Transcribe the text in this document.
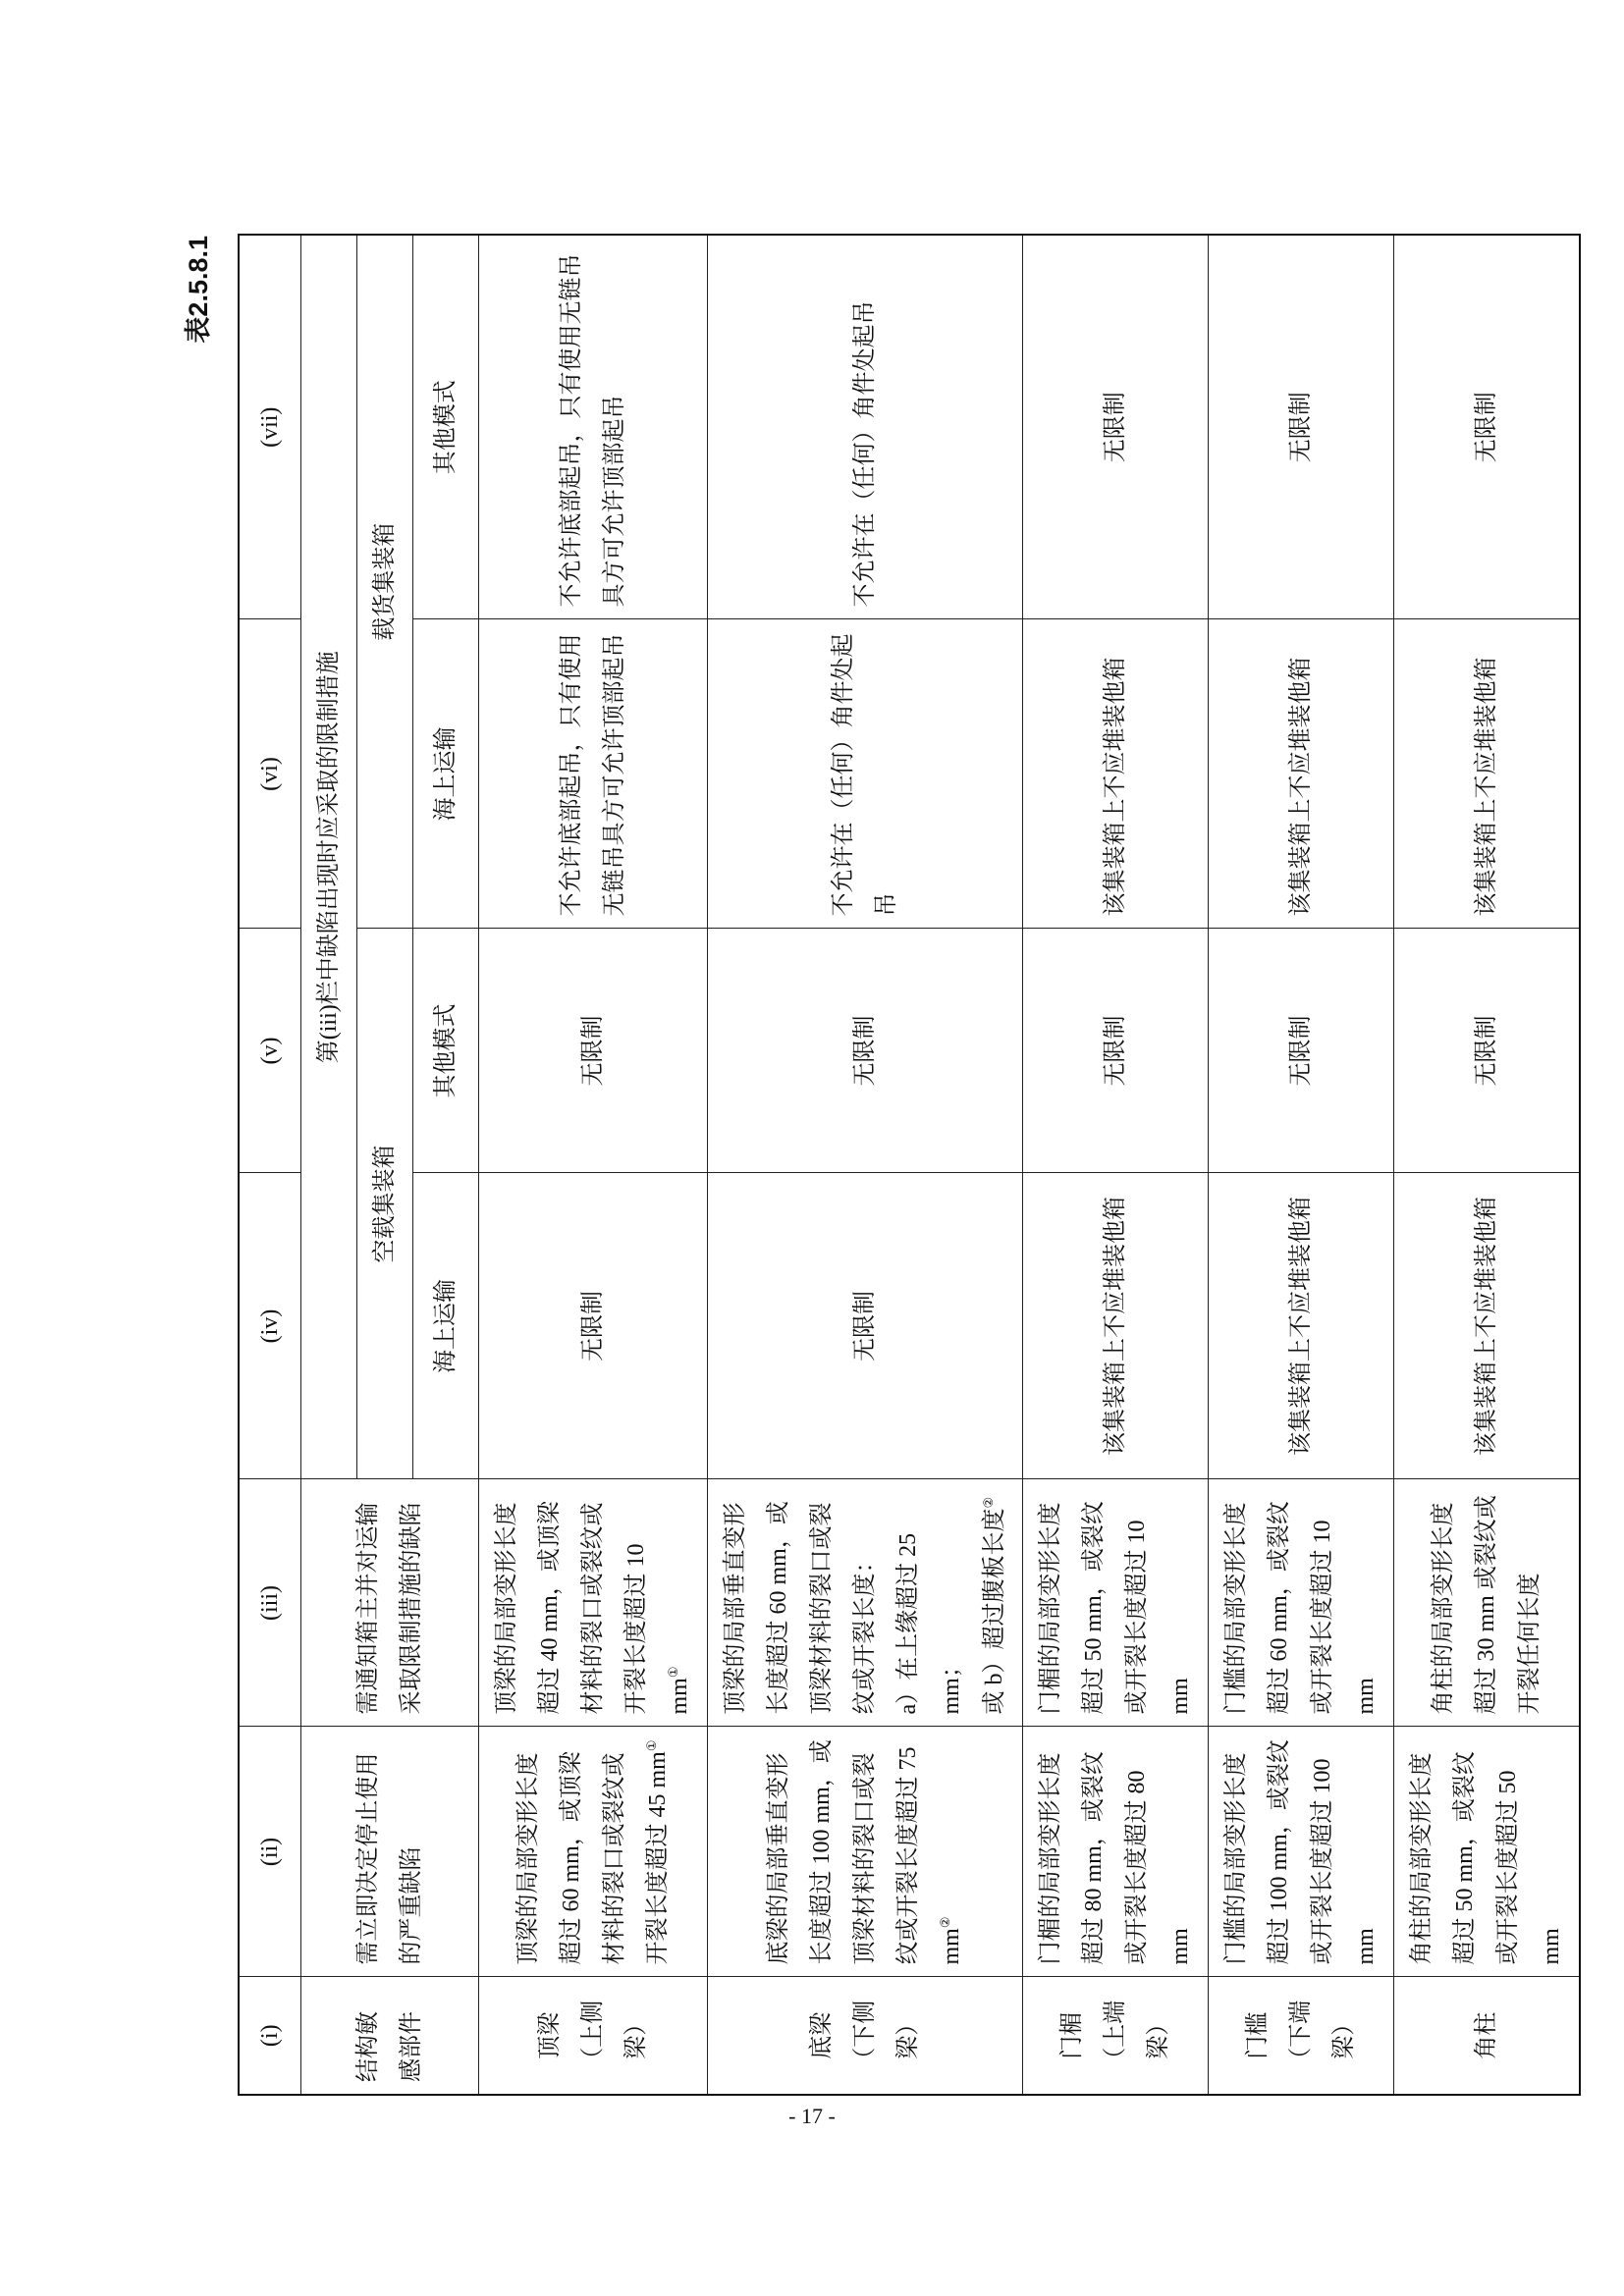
表2.5.8.1
(i)	(ii)	(iii)	(iv)	(v)	(vi)	(vii)
结构敏感部件	需立即决定停止使用的严重缺陷	需通知箱主并对运输采取限制措施的缺陷	第(iii)栏中缺陷出现时应采取的限制措施			
			空载集装箱		载货集装箱	
			海上运输	其他模式	海上运输	其他模式
顶梁（上侧梁）	顶梁的局部变形长度超过 60 mm，或顶梁材料的裂口或裂纹或开裂长度超过 45 mm①	顶梁的局部变形长度超过 40 mm，或顶梁材料的裂口或裂纹或开裂长度超过 10 mm①	无限制	无限制	不允许底部起吊，只有使用无链吊具方可允许顶部起吊	不允许底部起吊，只有使用无链吊具方可允许顶部起吊
底梁（下侧梁）	底梁的局部垂直变形长度超过 100 mm，或顶梁材料的裂口或裂纹或开裂长度超过 75 mm②	顶梁的局部垂直变形长度超过 60 mm，或顶梁材料的裂口或裂纹或开裂长度： a）在上缘超过 25 mm； 或 b）超过腹板长度②	无限制	无限制	不允许在（任何）角件处起吊	不允许在（任何）角件处起吊
门楣（上端梁）	门楣的局部变形长度超过 80 mm，或裂纹或开裂长度超过 80 mm	门楣的局部变形长度超过 50 mm，或裂纹或开裂长度超过 10 mm	该集装箱上不应堆装他箱	无限制	该集装箱上不应堆装他箱	无限制
门槛（下端梁）	门槛的局部变形长度超过 100 mm，或裂纹或开裂长度超过 100 mm	门槛的局部变形长度超过 60 mm，或裂纹或开裂长度超过 10 mm	该集装箱上不应堆装他箱	无限制	该集装箱上不应堆装他箱	无限制
角柱	角柱的局部变形长度超过 50 mm，或裂纹或开裂长度超过 50 mm	角柱的局部变形长度超过 30 mm 或裂纹或开裂任何长度	该集装箱上不应堆装他箱	无限制	该集装箱上不应堆装他箱	无限制
- 17 -
